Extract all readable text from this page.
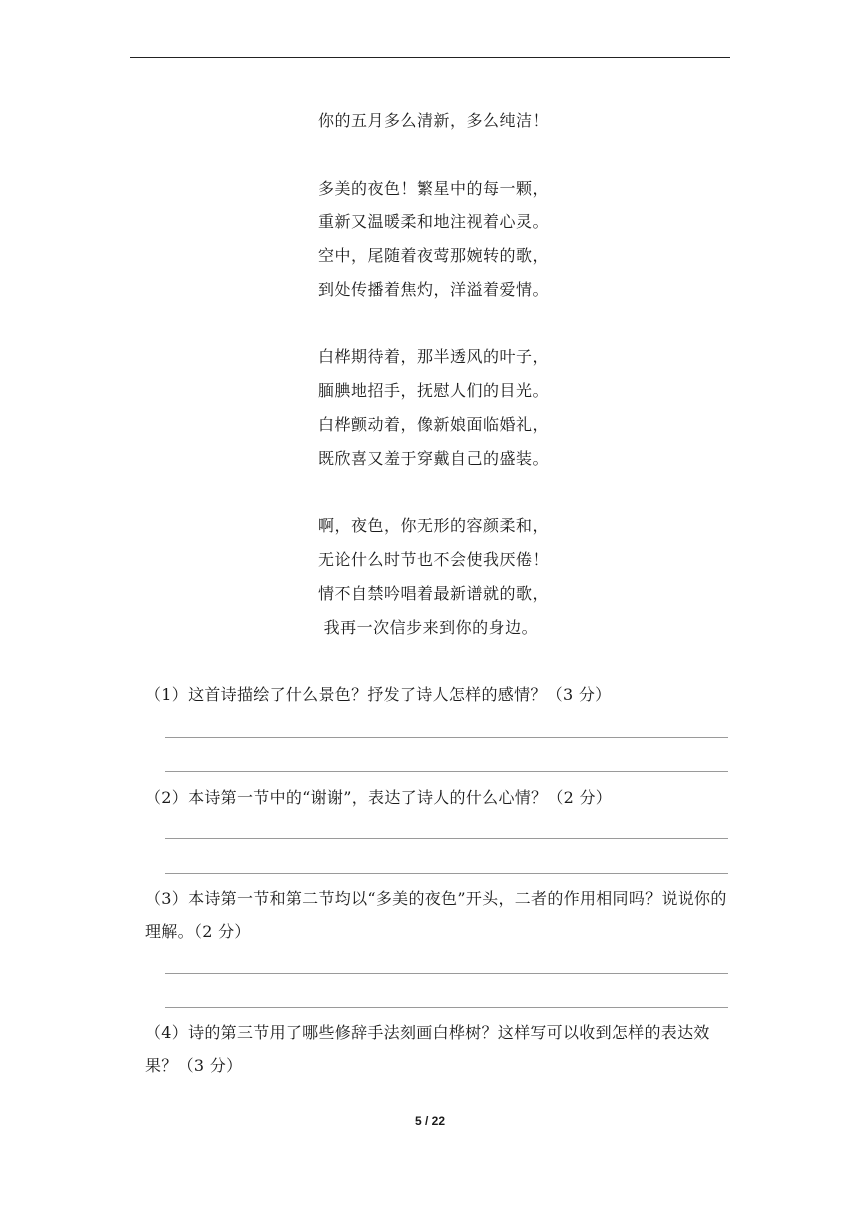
你的五月多么清新，多么纯洁！
多美的夜色！繁星中的每一颗，
重新又温暖柔和地注视着心灵。
空中，尾随着夜莺那婉转的歌，
到处传播着焦灼，洋溢着爱情。
白桦期待着，那半透风的叶子，
腼腆地招手，抚慰人们的目光。
白桦颤动着，像新娘面临婚礼，
既欣喜又羞于穿戴自己的盛装。
啊，夜色，你无形的容颜柔和，
无论什么时节也不会使我厌倦！
情不自禁吟唱着最新谱就的歌，
我再一次信步来到你的身边。
（1）这首诗描绘了什么景色？抒发了诗人怎样的感情？（3 分）
（2）本诗第一节中的“谢谢”，表达了诗人的什么心情？（2 分）
（3）本诗第一节和第二节均以“多美的夜色”开头，二者的作用相同吗？说说你的理解。（2 分）
（4）诗的第三节用了哪些修辞手法刻画白桦树？这样写可以收到怎样的表达效果？（3 分）
5 / 22
